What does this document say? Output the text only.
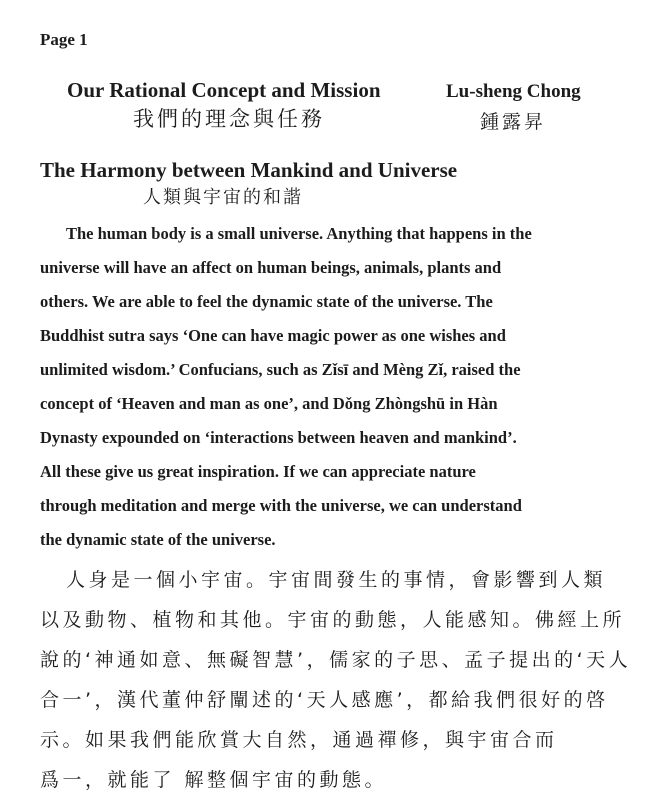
Page 1
Our Rational Concept and Mission
我們的理念與任務
Lu-sheng Chong
鍾露昇
The Harmony between Mankind and Universe
人類與宇宙的和諧
The human body is a small universe. Anything that happens in the
universe will have an affect on human beings, animals, plants and
others. We are able to feel the dynamic state of the universe. The
Buddhist sutra says ‘One can have magic power as one wishes and
unlimited wisdom.’ Confucians, such as Zǐsī and Mèng Zǐ, raised the
concept of ‘Heaven and man as one’, and Dǒng Zhòngshū in Hàn
Dynasty expounded on ‘interactions between heaven and mankind’.
All these give us great inspiration. If we can appreciate nature
through meditation and merge with the universe, we can understand
the dynamic state of the universe.
人身是一個小宇宙。宇宙間發生的事情，會影響到人類
以及動物、植物和其他。宇宙的動態，人能感知。佛經上所
說的‘神通如意、無礙智慧’，儒家的子思、孟子提出的‘天人
合一’，漢代董仲舒闡述的‘天人感應’，都給我們很好的啓
示。如果我們能欣賞大自然，通過禪修，與宇宙合而
爲一，就能了 解整個宇宙的動態。
